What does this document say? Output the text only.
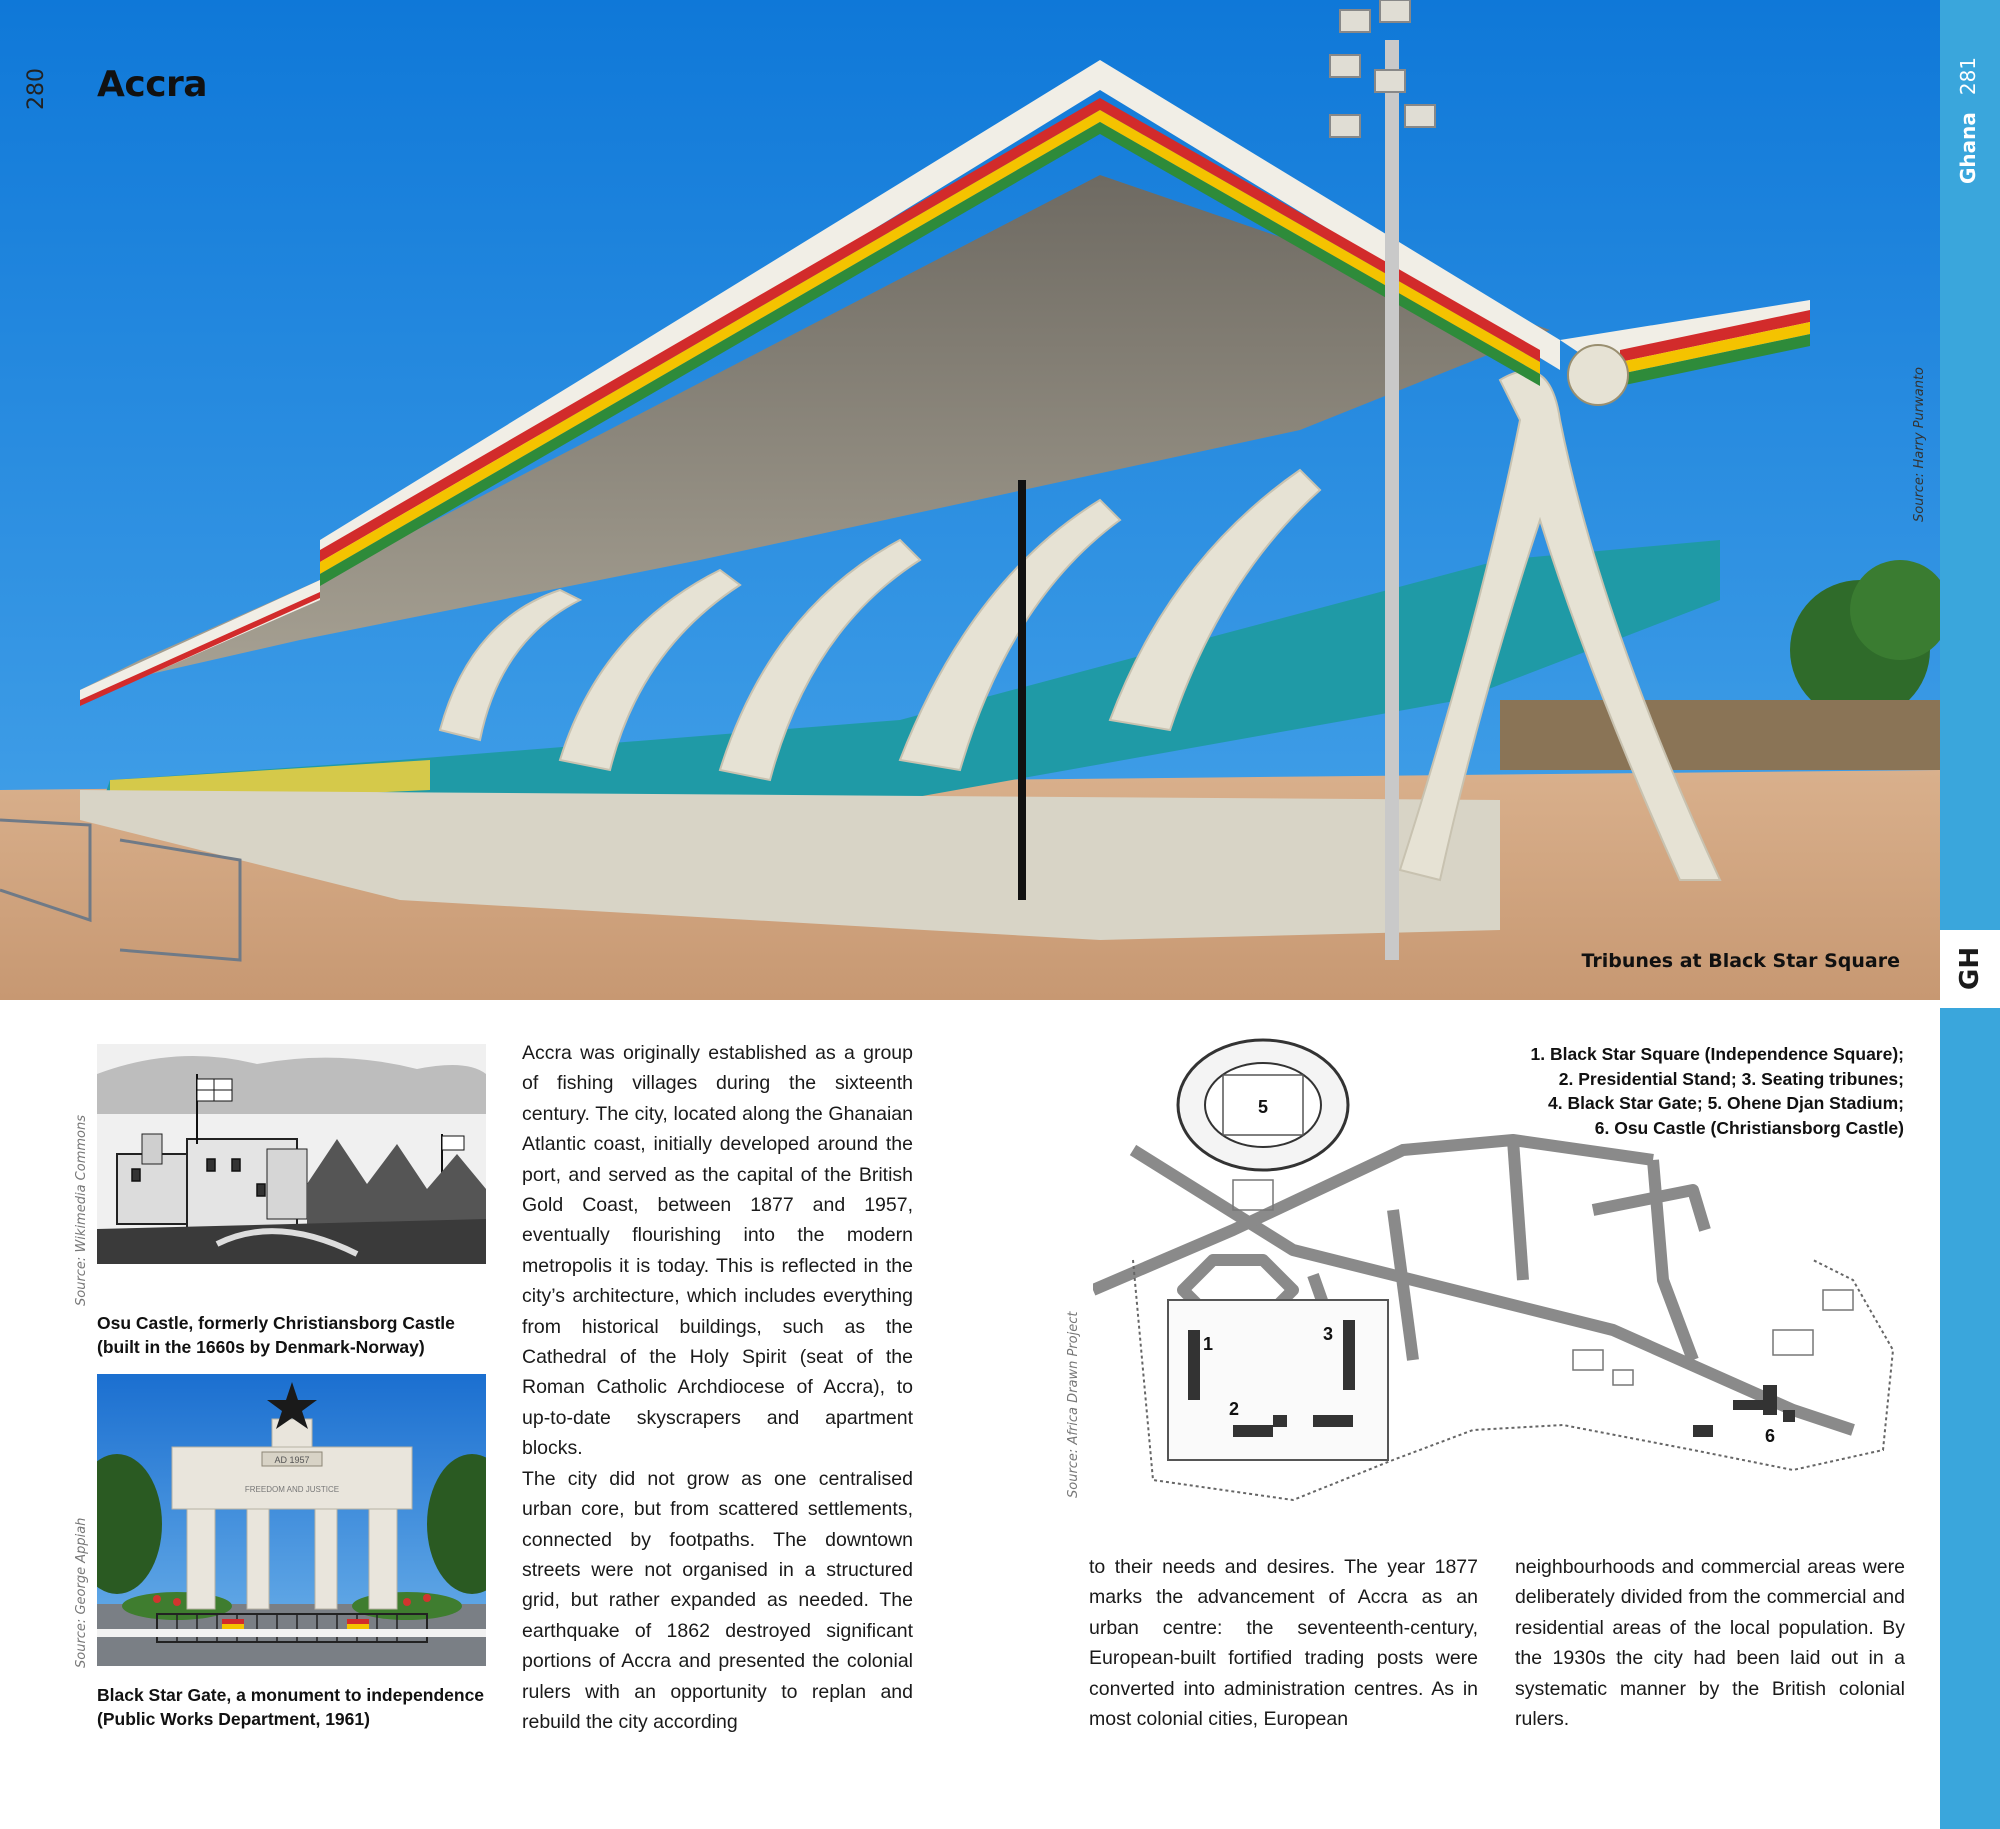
280 Accra
Tribunes at Black Star Square
Source: Harry Purwanto
Ghana 281
GH
Source: Wikimedia Commons
Osu Castle, formerly Christiansborg Castle (built in the 1660s by Denmark-Norway)
AD 1957
FREEDOM AND JUSTICE
Source: George Appiah
Black Star Gate, a monument to independence (Public Works Department, 1961)

Accra was originally established as a group of fishing villages during the sixteenth century. The city, located along the Ghanaian Atlantic coast, initially developed around the port, and served as the capital of the British Gold Coast, between 1877 and 1957, eventually flourishing into the modern metropolis it is today. This is reflected in the city’s architecture, which includes everything from historical buildings, such as the Cathedral of the Holy Spirit (seat of the Roman Catholic Archdiocese of Accra), to up-to-date skyscrapers and apartment blocks.

The city did not grow as one centralised urban core, but from scattered settlements, connected by footpaths. The downtown streets were not organised in a structured grid, but rather expanded as needed. The earthquake of 1862 destroyed significant portions of Accra and presented the colonial rulers with an opportunity to replan and rebuild the city according

5
1	3
2
6
Source: Africa Drawn Project
1. Black Star Square (Independence Square);
2. Presidential Stand; 3. Seating tribunes;
4. Black Star Gate; 5. Ohene Djan Stadium;
6. Osu Castle (Christiansborg Castle)

to their needs and desires. The year 1877 marks the advancement of Accra as an urban centre: the seventeenth-century, European-built fortified trading posts were converted into administration centres. As in most colonial cities, European

neighbourhoods and commercial areas were deliberately divided from the commercial and residential areas of the local population. By the 1930s the city had been laid out in a systematic manner by the British colonial rulers.
